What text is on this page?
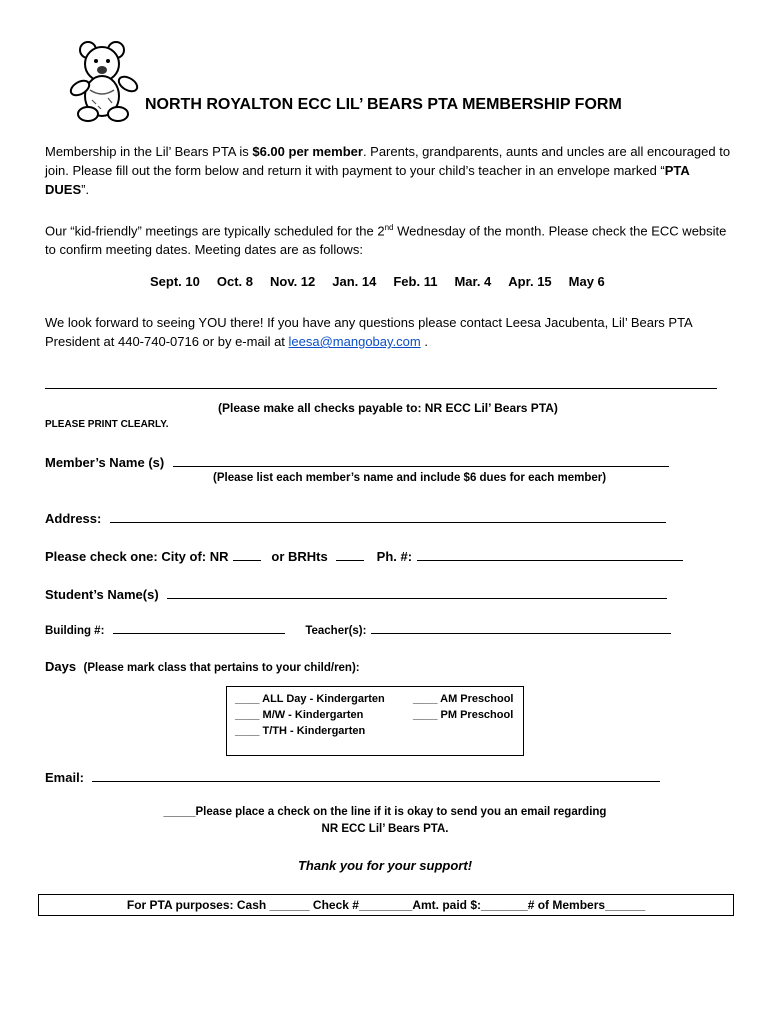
NORTH ROYALTON ECC LIL’ BEARS PTA MEMBERSHIP FORM
Membership in the Lil’ Bears PTA is $6.00 per member. Parents, grandparents, aunts and uncles are all encouraged to join. Please fill out the form below and return it with payment to your child’s teacher in an envelope marked “PTA DUES”.
Our “kid-friendly” meetings are typically scheduled for the 2nd Wednesday of the month. Please check the ECC website to confirm meeting dates. Meeting dates are as follows:
Sept. 10 Oct. 8 Nov. 12 Jan. 14 Feb. 11 Mar. 4 Apr. 15 May 6
We look forward to seeing YOU there! If you have any questions please contact Leesa Jacubenta, Lil’ Bears PTA President at 440-740-0716 or by e-mail at leesa@mangobay.com .
(Please make all checks payable to: NR ECC Lil’ Bears PTA)
PLEASE PRINT CLEARLY.
Member’s Name (s)
(Please list each member’s name and include $6 dues for each member)
Address:
Please check one: City of: NR	or BRHts	Ph. #:
Student’s Name(s)
Building #:	Teacher(s):
Days (Please mark class that pertains to your child/ren):
____ ALL Day - Kindergarten
____ M/W - Kindergarten
____ T/TH - Kindergarten
____ AM Preschool
____ PM Preschool
Email:
_____Please place a check on the line if it is okay to send you an email regarding
NR ECC Lil’ Bears PTA.
Thank you for your support!
For PTA purposes: Cash ______ Check #________Amt. paid $:_______# of Members______
